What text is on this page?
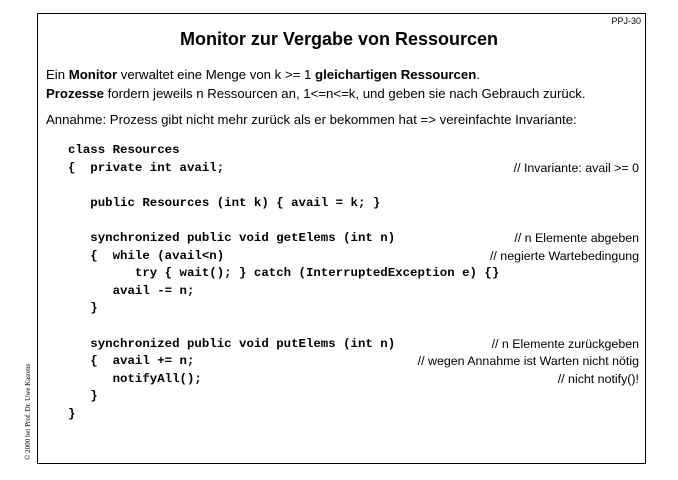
PPJ-30
Monitor zur Vergabe von Ressourcen
Ein Monitor verwaltet eine Menge von k >= 1 gleichartigen Ressourcen.
Prozesse fordern jeweils n Ressourcen an, 1<=n<=k, und geben sie nach Gebrauch zurück.

Annahme: Prozess gibt nicht mehr zurück als er bekommen hat => vereinfachte Invariante:

class Resources
{  private int avail;	// Invariante: avail >= 0
public Resources (int k) { avail = k; }
synchronized public void getElems (int n)	// n Elemente abgeben
{  while (avail<n)	// negierte Wartebedingung
try { wait(); } catch (InterruptedException e) {}
avail -= n;
}
synchronized public void putElems (int n)	// n Elemente zurückgeben
{  avail += n;	// wegen Annahme ist Warten nicht nötig
notifyAll();	// nicht notify()!
}
}
© 2000 bei Prof. Dr. Uwe Kastens
